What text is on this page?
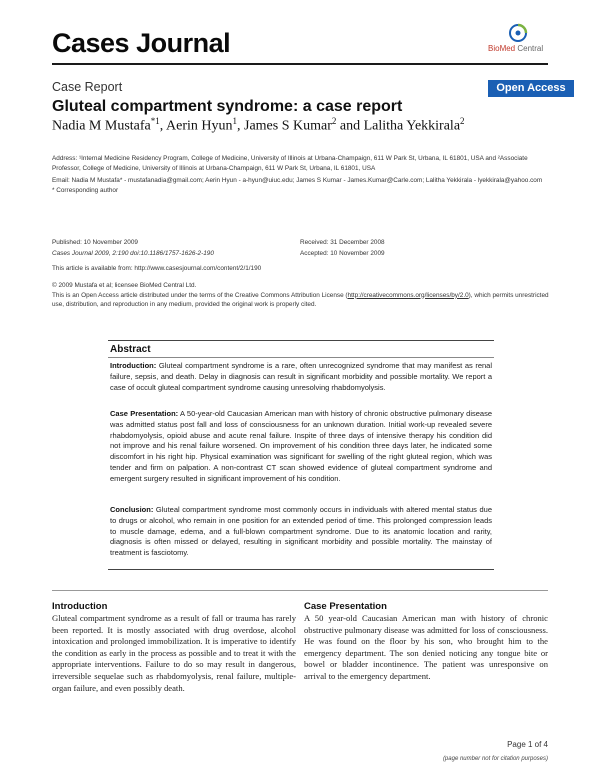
Cases Journal	BioMed Central
Case Report	Open Access
Gluteal compartment syndrome: a case report
Nadia M Mustafa$^{*1}$, Aerin Hyun$^1$, James S Kumar$^2$ and Lalitha Yekkirala$^2$

Address: ¹Internal Medicine Residency Program, College of Medicine, University of Illinois at Urbana-Champaign, 611 W Park St, Urbana, IL 61801, USA and ²Associate Professor, College of Medicine, University of Illinois at Urbana-Champaign, 611 W Park St, Urbana, IL 61801, USA

Email: Nadia M Mustafa* - mustafanadia@gmail.com; Aerin Hyun - a-hyun@uiuc.edu; James S Kumar - James.Kumar@Carle.com; Lalitha Yekkirala - lyekkirala@yahoo.com

* Corresponding author

Published: 10 November 2009
Cases Journal 2009, 2:190 doi:10.1186/1757-1626-2-190
Received: 31 December 2008
Accepted: 10 November 2009
This article is available from: http://www.casesjournal.com/content/2/1/190
© 2009 Mustafa et al; licensee BioMed Central Ltd.
This is an Open Access article distributed under the terms of the Creative Commons Attribution License (http://creativecommons.org/licenses/by/2.0), which permits unrestricted use, distribution, and reproduction in any medium, provided the original work is properly cited.
Abstract
Introduction: Gluteal compartment syndrome is a rare, often unrecognized syndrome that may manifest as renal failure, sepsis, and death. Delay in diagnosis can result in significant morbidity and possible mortality. We report a case of occult gluteal compartment syndrome causing unresolving rhabdomyolysis.
Case Presentation: A 50-year-old Caucasian American man with history of chronic obstructive pulmonary disease was admitted status post fall and loss of consciousness for an unknown duration. Initial work-up revealed severe rhabdomyolysis, opioid abuse and acute renal failure. Inspite of three days of intensive therapy his condition did not improve and his renal failure worsened. On improvement of his condition three days later, he indicated some discomfort in his right hip. Physical examination was significant for swelling of the right gluteal region, which was tender and firm on palpation. A non-contrast CT scan showed evidence of gluteal compartment syndrome and emergent surgery resulted in significant improvement of his condition.
Conclusion: Gluteal compartment syndrome most commonly occurs in individuals with altered mental status due to drugs or alcohol, who remain in one position for an extended period of time. This prolonged compression leads to muscle damage, edema, and a full-blown compartment syndrome. Due to its anatomic location and rarity, diagnosis is often missed or delayed, resulting in significant morbidity and possible mortality. The mainstay of treatment is fasciotomy.
Introduction
Gluteal compartment syndrome as a result of fall or trauma has rarely been reported. It is mostly associated with drug overdose, alcohol intoxication and prolonged immobilization. It is imperative to identify the condition as early in the process as possible and to treat it with the appropriate interventions. Failure to do so may result in dangerous, irreversible sequelae such as rhabdomyolysis, renal failure, multiple-organ failure, and even possibly death.
Case Presentation
A 50 year-old Caucasian American man with history of chronic obstructive pulmonary disease was admitted for loss of consciousness. He was found on the floor by his son, who brought him to the emergency department. The son denied noticing any tongue bite or bowel or bladder incontinence. The patient was unresponsive on arrival to the emergency department.
Page 1 of 4
(page number not for citation purposes)
